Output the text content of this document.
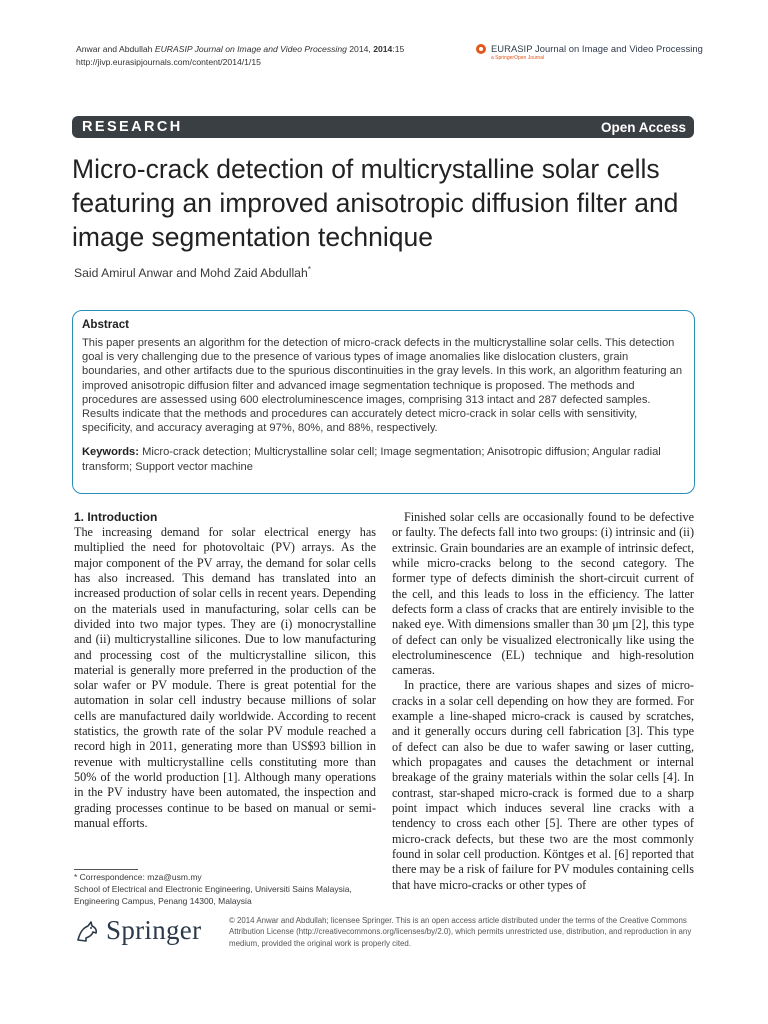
Anwar and Abdullah EURASIP Journal on Image and Video Processing 2014, 2014:15
http://jivp.eurasipjournals.com/content/2014/1/15
EURASIP Journal on Image and Video Processing
a SpringerOpen Journal
RESEARCH	Open Access
Micro-crack detection of multicrystalline solar cells featuring an improved anisotropic diffusion filter and image segmentation technique
Said Amirul Anwar and Mohd Zaid Abdullah*
Abstract
This paper presents an algorithm for the detection of micro-crack defects in the multicrystalline solar cells. This detection goal is very challenging due to the presence of various types of image anomalies like dislocation clusters, grain boundaries, and other artifacts due to the spurious discontinuities in the gray levels. In this work, an algorithm featuring an improved anisotropic diffusion filter and advanced image segmentation technique is proposed. The methods and procedures are assessed using 600 electroluminescence images, comprising 313 intact and 287 defected samples. Results indicate that the methods and procedures can accurately detect micro-crack in solar cells with sensitivity, specificity, and accuracy averaging at 97%, 80%, and 88%, respectively.
Keywords: Micro-crack detection; Multicrystalline solar cell; Image segmentation; Anisotropic diffusion; Angular radial transform; Support vector machine
1. Introduction

The increasing demand for solar electrical energy has multiplied the need for photovoltaic (PV) arrays. As the major component of the PV array, the demand for solar cells has also increased. This demand has translated into an increased production of solar cells in recent years. Depending on the materials used in manufacturing, solar cells can be divided into two major types. They are (i) monocrystalline and (ii) multicrystalline silicones. Due to low manufacturing and processing cost of the multicrystalline silicon, this material is generally more preferred in the production of the solar wafer or PV module. There is great potential for the automation in solar cell industry because millions of solar cells are manufactured daily worldwide. According to recent statistics, the growth rate of the solar PV module reached a record high in 2011, generating more than US$93 billion in revenue with multicrystalline cells constituting more than 50% of the world production [1]. Although many operations in the PV industry have been automated, the inspection and grading processes continue to be based on manual or semi-manual efforts.

Finished solar cells are occasionally found to be defective or faulty. The defects fall into two groups: (i) intrinsic and (ii) extrinsic. Grain boundaries are an example of intrinsic defect, while micro-cracks belong to the second category. The former type of defects diminish the short-circuit current of the cell, and this leads to loss in the efficiency. The latter defects form a class of cracks that are entirely invisible to the naked eye. With dimensions smaller than 30 μm [2], this type of defect can only be visualized electronically like using the electroluminescence (EL) technique and high-resolution cameras.

In practice, there are various shapes and sizes of micro-cracks in a solar cell depending on how they are formed. For example a line-shaped micro-crack is caused by scratches, and it generally occurs during cell fabrication [3]. This type of defect can also be due to wafer sawing or laser cutting, which propagates and causes the detachment or internal breakage of the grainy materials within the solar cells [4]. In contrast, star-shaped micro-crack is formed due to a sharp point impact which induces several line cracks with a tendency to cross each other [5]. There are other types of micro-crack defects, but these two are the most commonly found in solar cell production. Köntges et al. [6] reported that there may be a risk of failure for PV modules containing cells that have micro-cracks or other types of

* Correspondence: mza@usm.my
School of Electrical and Electronic Engineering, Universiti Sains Malaysia, Engineering Campus, Penang 14300, Malaysia
Springer	© 2014 Anwar and Abdullah; licensee Springer. This is an open access article distributed under the terms of the Creative Commons Attribution License (http://creativecommons.org/licenses/by/2.0), which permits unrestricted use, distribution, and reproduction in any medium, provided the original work is properly cited.
